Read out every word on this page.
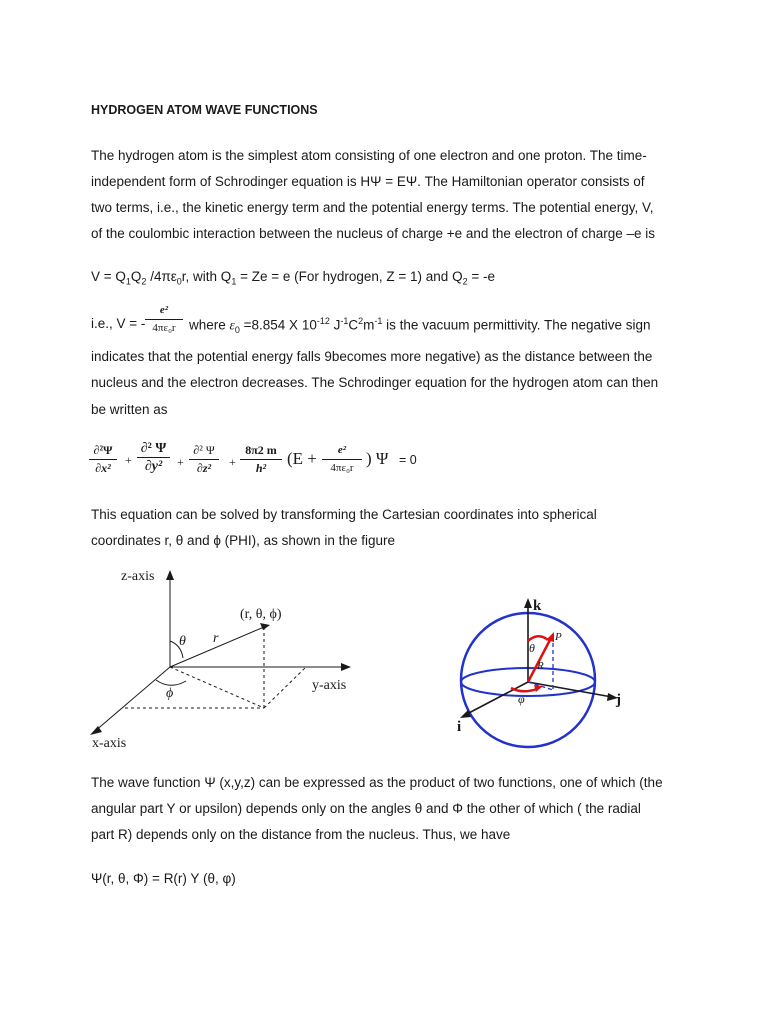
HYDROGEN ATOM WAVE FUNCTIONS
The hydrogen atom is the simplest atom consisting of one electron and one proton. The time-
independent form of Schrodinger equation is HΨ = EΨ. The Hamiltonian operator consists of
two terms, i.e., the kinetic energy term and the potential energy terms. The potential energy, V,
of the coulombic interaction between the nucleus of charge +e and the electron of charge –e is
$V = Q_1Q_2$ $/4\pi\varepsilon_0r$, with $Q_1 = Ze = e$ (For hydrogen, Z = 1) and $Q_2 = -e$
i.e., V = -
e²
4πε₀r where $\varepsilon_0 =8.854$ X $10^{-12}$ $J^{-1}C^2m^{-1}$ is the vacuum permittivity. The negative sign
indicates that the potential energy falls 9becomes more negative) as the distance between the
nucleus and the electron decreases. The Schrodinger equation for the hydrogen atom can then
be written as
∂²Ψ
∂x²
+
∂² Ψ
∂y²	+
∂² Ψ
∂z²	+
8π2 m
h²	(E +	e²
4πε₀r ) Ψ = 0
This equation can be solved by transforming the Cartesian coordinates into spherical
coordinates r, θ and ϕ (PHI), as shown in the figure
z-axis
y-axis
x-axis
(r, θ, ϕ)
r
θ
ϕ
k
i
j
P
θ
R
φ
The wave function Ψ (x,y,z) can be expressed as the product of two functions, one of which (the
angular part Y or upsilon) depends only on the angles θ and Φ the other of which ( the radial
part R) depends only on the distance from the nucleus. Thus, we have
Ψ(r, θ, Φ) = R(r) Y (θ, φ)
